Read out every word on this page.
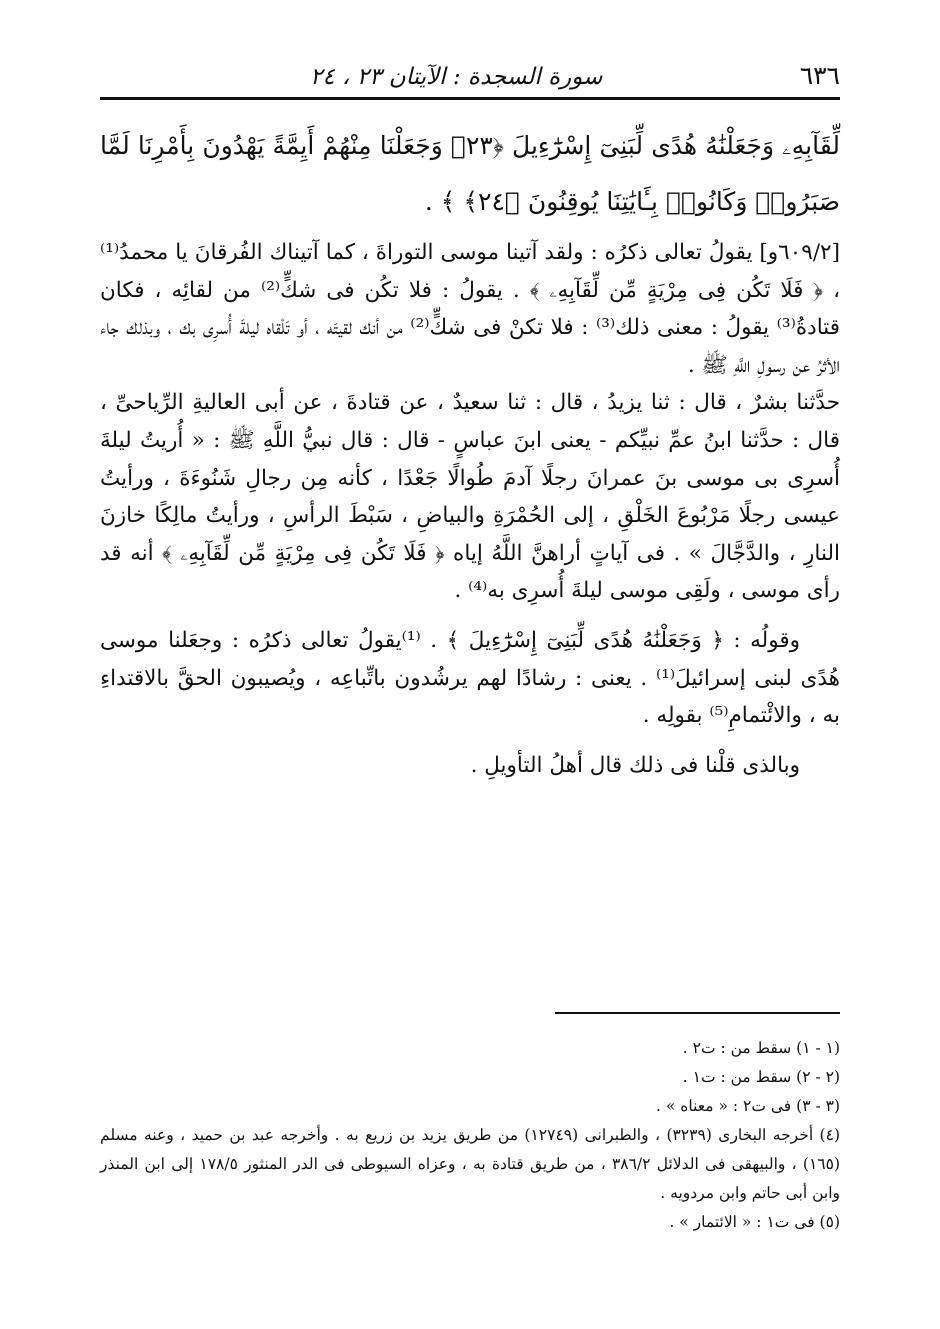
٦٣٦
سورة السجدة : الآيتان ٢٣ ، ٢٤
لِّقَآبِهِۦ وَجَعَلْنَٰهُ هُدًى لِّبَنِىٓ إِسْرَٰٓءِيلَ ﴿٢٣﴾ وَجَعَلْنَا مِنْهُمْ أَيِمَّةً يَهْدُونَ بِأَمْرِنَا لَمَّا صَبَرُوا۟ وَكَانُوا۟ بِـَٔايَٰتِنَا يُوقِنُونَ ﴿٢٤﴾ ﴾ .

[٦٠٩/٢و] يقولُ تعالى ذكرُه : ولقد آتينا موسى التوراةَ ، كما آتيناك الفُرقانَ يا محمدُ⁽¹⁾ ، ﴿ فَلَا تَكُن فِى مِرْيَةٍ مِّن لِّقَآبِهِۦ ﴾ . يقولُ : فلا تكُن فى شكٍّ⁽²⁾ من لقائِه ، فكان قتادةُ⁽³⁾ يقولُ : معنى ذلك⁽³⁾ : فلا تكنْ فى شكٍّ⁽²⁾ من أنك لقيتَه ، أو تَلْقاه ليلةَ أُسرِى بك ، وبذلك جاء الأثرُ عن رسولِ اللَّهِ ﷺ .

حدَّثنا بشرٌ ، قال : ثنا يزيدُ ، قال : ثنا سعيدٌ ، عن قتادةَ ، عن أبى العاليةِ الرِّياحىِّ ، قال : حدَّثنا ابنُ عمِّ نبيِّكم - يعنى ابنَ عباسٍ - قال : قال نبيُّ اللَّهِ ﷺ : « أُريتُ ليلةَ أُسرِى بى موسى بنَ عمرانَ رجلًا آدمَ طُوالًا جَعْدًا ، كأنه مِن رجالِ شَنُوءَةَ ، ورأيتُ عيسى رجلًا مَرْبُوعَ الخَلْقِ ، إلى الحُمْرَةِ والبياضِ ، سَبْطَ الرأسِ ، ورأيتُ مالِكًا خازنَ النارِ ، والدَّجَّالَ » . فى آياتٍ أراهنَّ اللَّهُ إياه ﴿ فَلَا تَكُن فِى مِرْيَةٍ مِّن لِّقَآبِهِۦ ﴾ أنه قد رأى موسى ، ولَقِى موسى ليلةَ أُسرِى به⁽⁴⁾ .

وقولُه : ﴿ وَجَعَلْنَٰهُ هُدًى لِّبَنِىٓ إِسْرَٰٓءِيلَ ﴾ . ⁽¹⁾يقولُ تعالى ذكرُه : وجعَلنا موسى هُدًى لبنى إسرائيلَ⁽¹⁾ . يعنى : رشادًا لهم يرشُدون باتِّباعِه ، ويُصيبون الحقَّ بالاقتداءِ به ، والائْتمامِ⁽⁵⁾ بقولِه .

وبالذى قلْنا فى ذلك قال أهلُ التأويلِ .

(١ - ١) سقط من : ت٢ .

(٢ - ٢) سقط من : ت١ .

(٣ - ٣) فى ت٢ : « معناه » .

(٤) أخرجه البخارى (٣٢٣٩) ، والطبرانى (١٢٧٤٩) من طريق يزيد بن زريع به . وأخرجه عبد بن حميد ، وعنه مسلم (١٦٥) ، والبيهقى فى الدلائل ٣٨٦/٢ ، من طريق قتادة به ، وعزاه السيوطى فى الدر المنثور ١٧٨/٥ إلى ابن المنذر وابن أبى حاتم وابن مردويه .

(٥) فى ت١ : « الائتمار » .
